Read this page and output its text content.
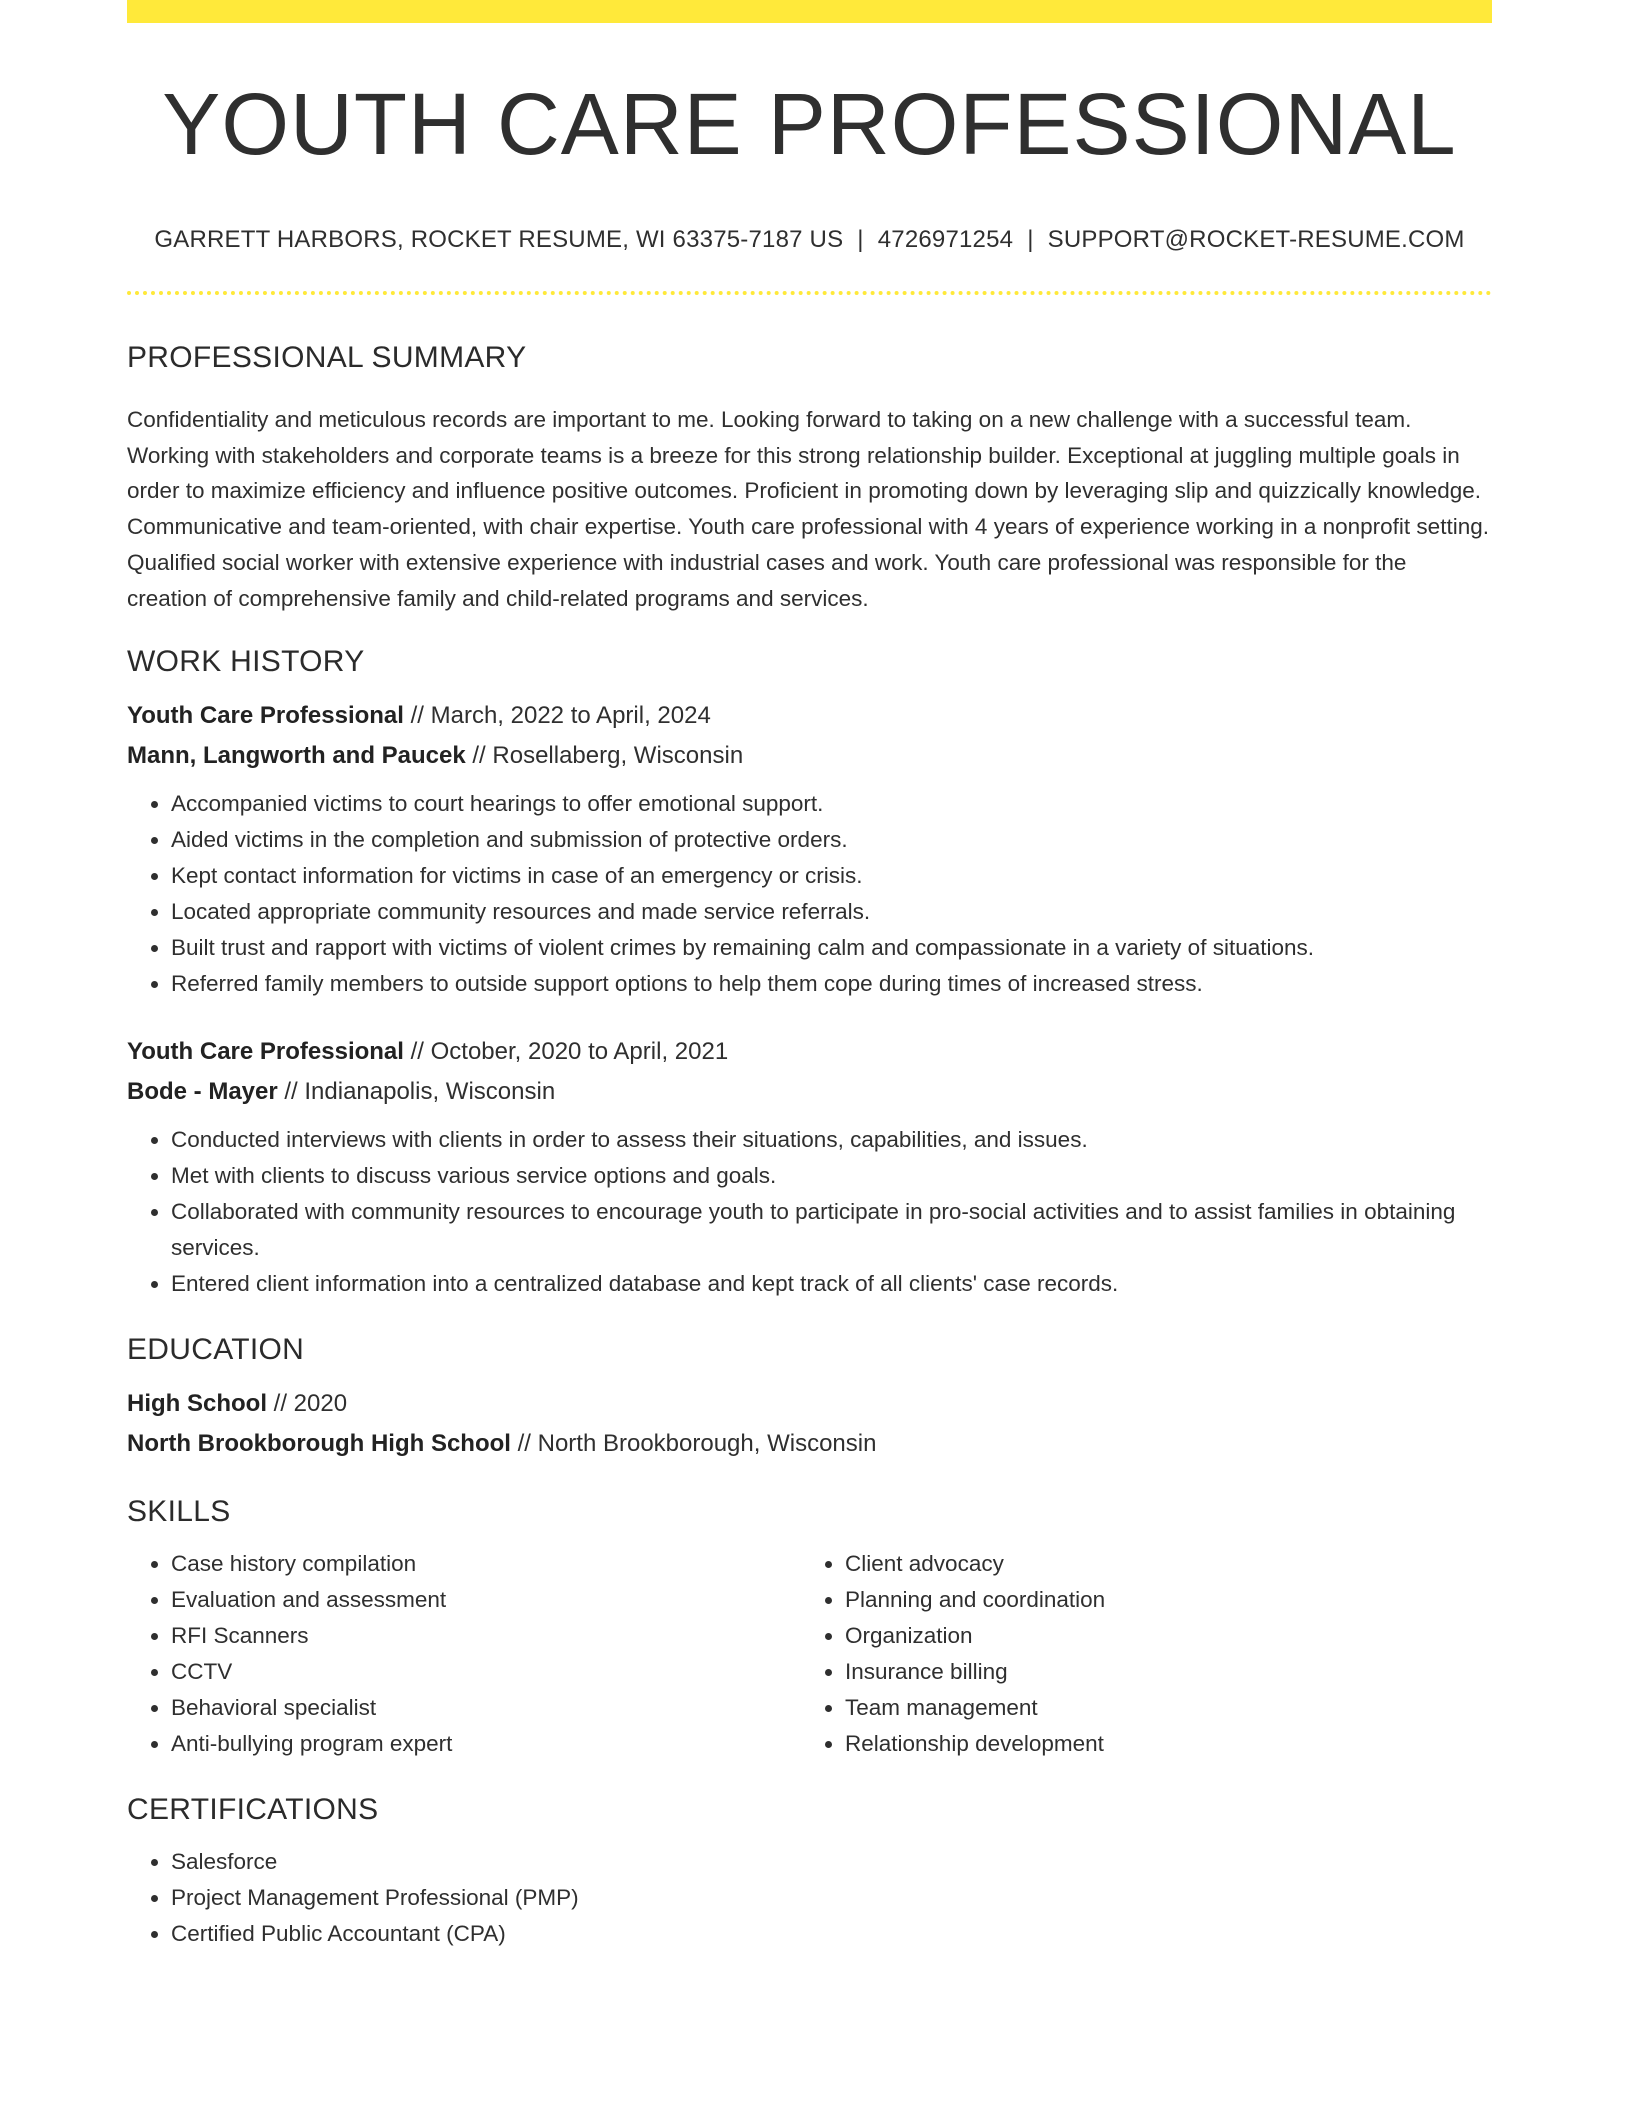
YOUTH CARE PROFESSIONAL
GARRETT HARBORS, ROCKET RESUME, WI 63375-7187 US | 4726971254 | SUPPORT@ROCKET-RESUME.COM
PROFESSIONAL SUMMARY

Confidentiality and meticulous records are important to me. Looking forward to taking on a new challenge with a successful team. Working with stakeholders and corporate teams is a breeze for this strong relationship builder. Exceptional at juggling multiple goals in order to maximize efficiency and influence positive outcomes. Proficient in promoting down by leveraging slip and quizzically knowledge. Communicative and team-oriented, with chair expertise. Youth care professional with 4 years of experience working in a nonprofit setting. Qualified social worker with extensive experience with industrial cases and work. Youth care professional was responsible for the creation of comprehensive family and child-related programs and services.

WORK HISTORY
Youth Care Professional // March, 2022 to April, 2024
Mann, Langworth and Paucek // Rosellaberg, Wisconsin
• Accompanied victims to court hearings to offer emotional support.
• Aided victims in the completion and submission of protective orders.
• Kept contact information for victims in case of an emergency or crisis.
• Located appropriate community resources and made service referrals.
• Built trust and rapport with victims of violent crimes by remaining calm and compassionate in a variety of situations.
• Referred family members to outside support options to help them cope during times of increased stress.
Youth Care Professional // October, 2020 to April, 2021
Bode - Mayer // Indianapolis, Wisconsin
• Conducted interviews with clients in order to assess their situations, capabilities, and issues.
• Met with clients to discuss various service options and goals.
• Collaborated with community resources to encourage youth to participate in pro-social activities and to assist families in obtaining services.
• Entered client information into a centralized database and kept track of all clients' case records.
EDUCATION
High School // 2020
North Brookborough High School // North Brookborough, Wisconsin
SKILLS
• Case history compilation
• Evaluation and assessment
• RFI Scanners
• CCTV
• Behavioral specialist
• Anti-bullying program expert
• Client advocacy
• Planning and coordination
• Organization
• Insurance billing
• Team management
• Relationship development
CERTIFICATIONS
• Salesforce
• Project Management Professional (PMP)
• Certified Public Accountant (CPA)
